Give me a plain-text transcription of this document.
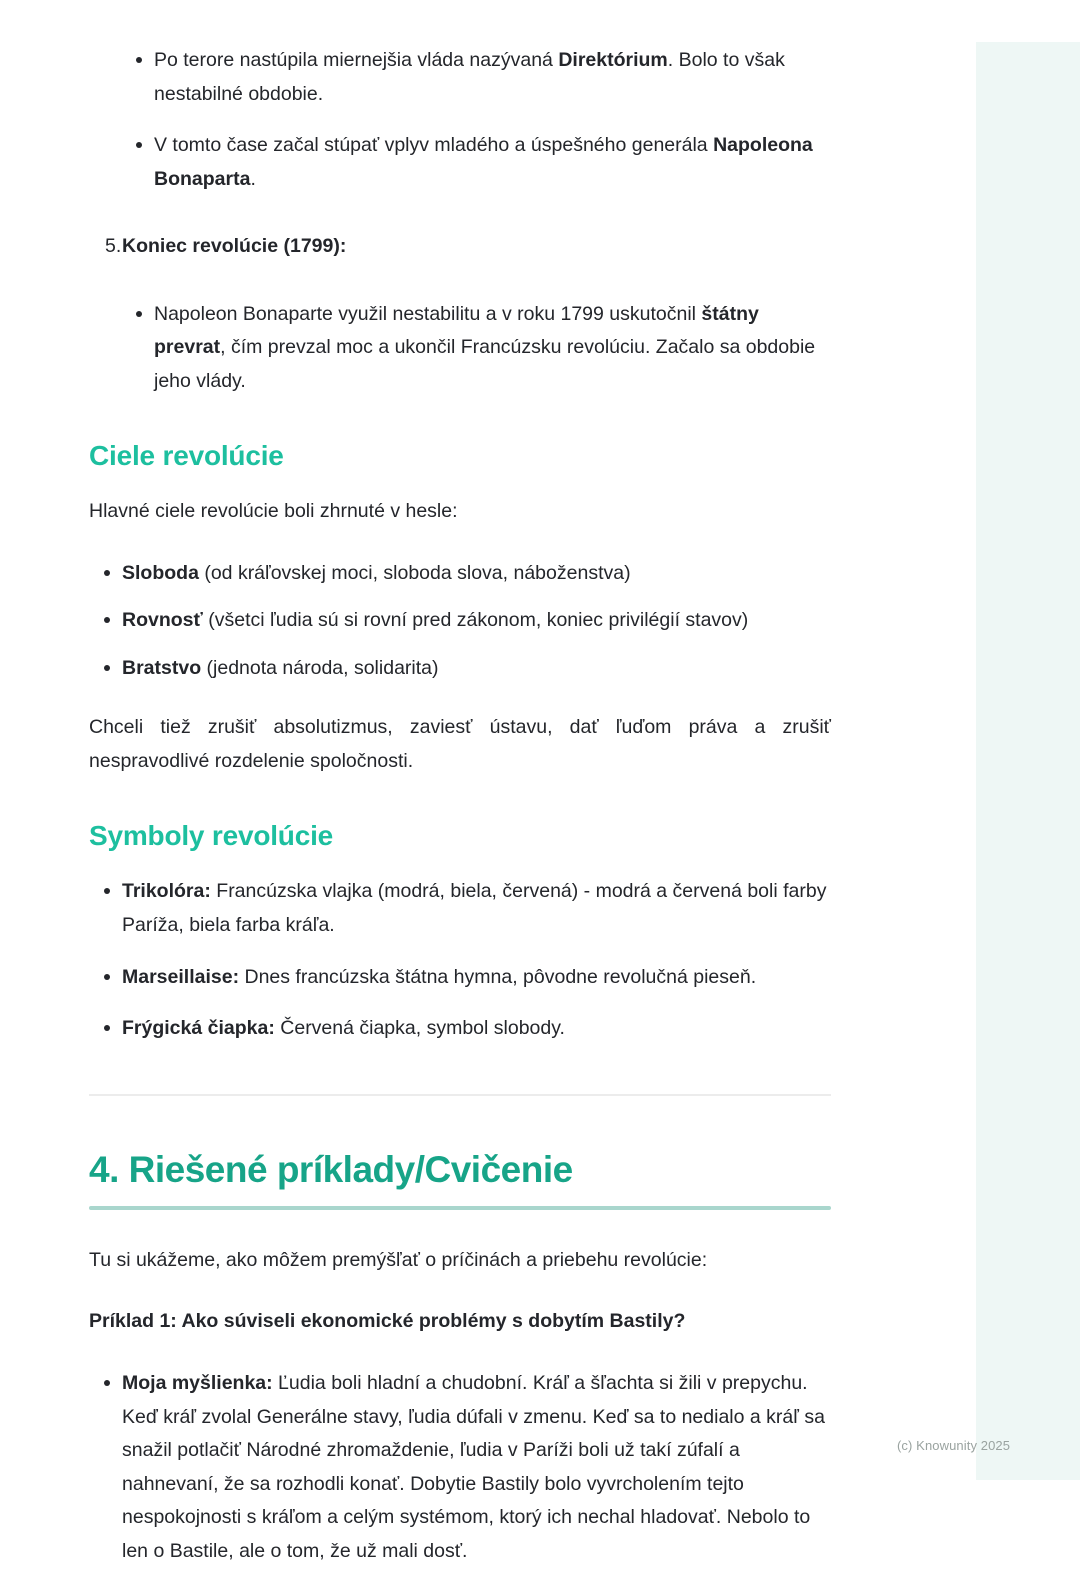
Po terore nastúpila miernejšia vláda nazývaná Direktórium. Bolo to však nestabilné obdobie.
V tomto čase začal stúpať vplyv mladého a úspešného generála Napoleona Bonaparta.
5. Koniec revolúcie (1799):
Napoleon Bonaparte využil nestabilitu a v roku 1799 uskutočnil štátny prevrat, čím prevzal moc a ukončil Francúzsku revolúciu. Začalo sa obdobie jeho vlády.
Ciele revolúcie

Hlavné ciele revolúcie boli zhrnuté v hesle:

Sloboda (od kráľovskej moci, sloboda slova, náboženstva)
Rovnosť (všetci ľudia sú si rovní pred zákonom, koniec privilégií stavov)
Bratstvo (jednota národa, solidarita)

Chceli tiež zrušiť absolutizmus, zaviesť ústavu, dať ľuďom práva a zrušiť nespravodlivé rozdelenie spoločnosti.

Symboly revolúcie
Trikolóra: Francúzska vlajka (modrá, biela, červená) - modrá a červená boli farby Paríža, biela farba kráľa.
Marseillaise: Dnes francúzska štátna hymna, pôvodne revolučná pieseň.
Frýgická čiapka: Červená čiapka, symbol slobody.
4. Riešené príklady/Cvičenie

Tu si ukážeme, ako môžem premýšľať o príčinách a priebehu revolúcie:

Príklad 1: Ako súviseli ekonomické problémy s dobytím Bastily?

Moja myšlienka: Ľudia boli hladní a chudobní. Kráľ a šľachta si žili v prepychu. Keď kráľ zvolal Generálne stavy, ľudia dúfali v zmenu. Keď sa to nedialo a kráľ sa snažil potlačiť Národné zhromaždenie, ľudia v Paríži boli už takí zúfalí a nahnevaní, že sa rozhodli konať. Dobytie Bastily bolo vyvrcholením tejto nespokojnosti s kráľom a celým systémom, ktorý ich nechal hladovať. Nebolo to len o Bastile, ale o tom, že už mali dosť.
(c) Knowunity 2025
